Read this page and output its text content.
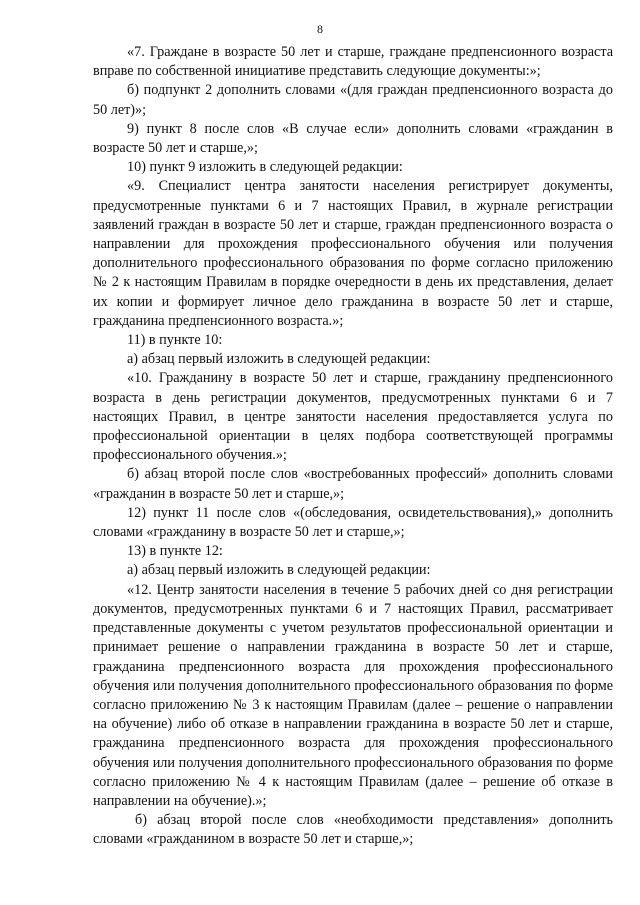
8

«7. Граждане в возрасте 50 лет и старше, граждане предпенсионного возраста вправе по собственной инициативе представить следующие документы:»;

б) подпункт 2 дополнить словами «(для граждан предпенсионного возраста до 50 лет)»;

9) пункт 8 после слов «В случае если» дополнить словами «гражданин в возрасте 50 лет и старше,»;

10) пункт 9 изложить в следующей редакции:

«9. Специалист центра занятости населения регистрирует документы, предусмотренные пунктами 6 и 7 настоящих Правил, в журнале регистрации заявлений граждан в возрасте 50 лет и старше, граждан предпенсионного возраста о направлении для прохождения профессионального обучения или получения дополнительного профессионального образования по форме согласно приложению № 2 к настоящим Правилам в порядке очередности в день их представления, делает их копии и формирует личное дело гражданина в возрасте 50 лет и старше, гражданина предпенсионного возраста.»;

11) в пункте 10:

а) абзац первый изложить в следующей редакции:

«10. Гражданину в возрасте 50 лет и старше, гражданину предпенсионного возраста в день регистрации документов, предусмотренных пунктами 6 и 7 настоящих Правил, в центре занятости населения предоставляется услуга по профессиональной ориентации в целях подбора соответствующей программы профессионального обучения.»;

б) абзац второй после слов «востребованных профессий» дополнить словами «гражданин в возрасте 50 лет и старше,»;

12) пункт 11 после слов «(обследования, освидетельствования),» дополнить словами «гражданину в возрасте 50 лет и старше,»;

13) в пункте 12:

а) абзац первый изложить в следующей редакции:

«12. Центр занятости населения в течение 5 рабочих дней со дня регистрации документов, предусмотренных пунктами 6 и 7 настоящих Правил, рассматривает представленные документы с учетом результатов профессиональной ориентации и принимает решение о направлении гражданина в возрасте 50 лет и старше, гражданина предпенсионного возраста для прохождения профессионального обучения или получения дополнительного профессионального образования по форме согласно приложению № 3 к настоящим Правилам (далее – решение о направлении на обучение) либо об отказе в направлении гражданина в возрасте 50 лет и старше, гражданина предпенсионного возраста для прохождения профессионального обучения или получения дополнительного профессионального образования по форме согласно приложению № 4 к настоящим Правилам (далее – решение об отказе в направлении на обучение).»;

б) абзац второй после слов «необходимости представления» дополнить словами «гражданином в возрасте 50 лет и старше,»;
